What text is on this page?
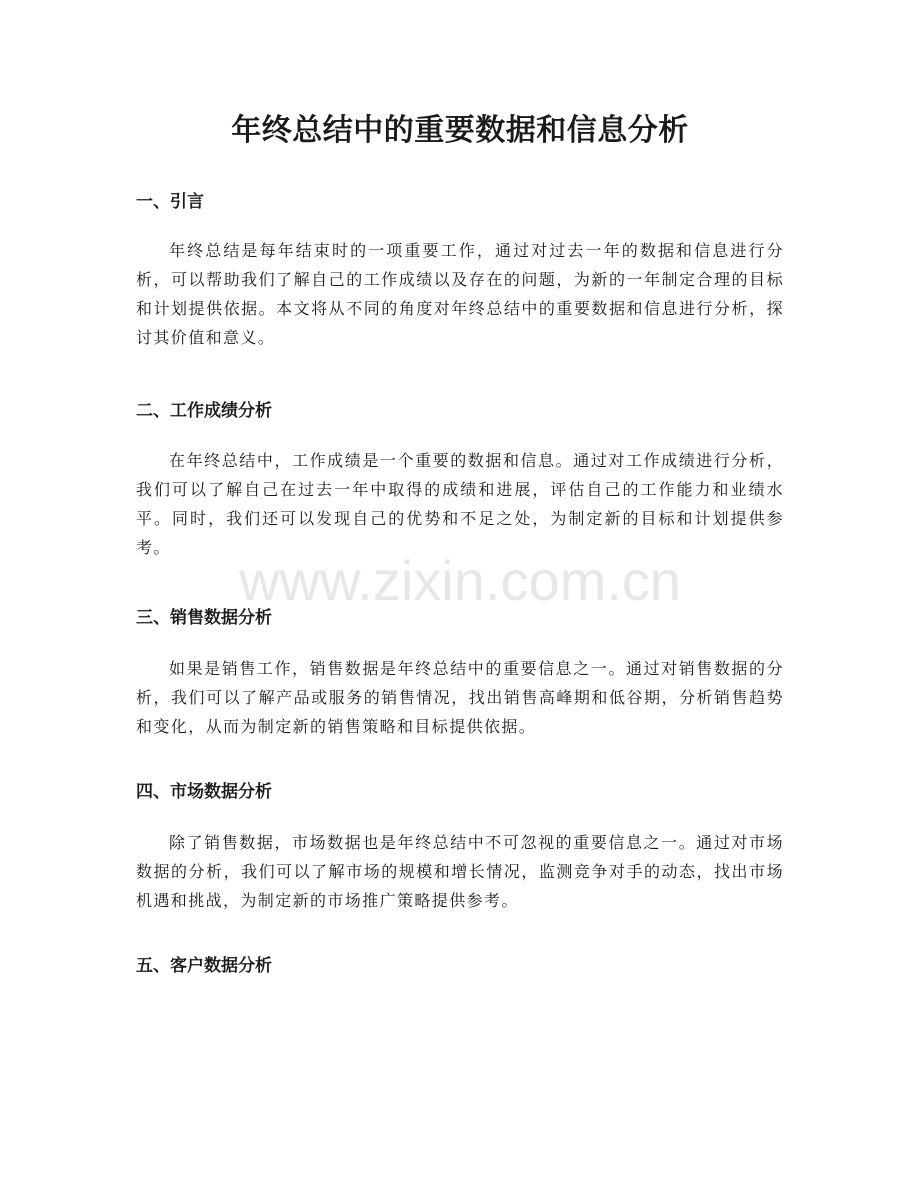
年终总结中的重要数据和信息分析
一、引言

年终总结是每年结束时的一项重要工作，通过对过去一年的数据和信息进行分析，可以帮助我们了解自己的工作成绩以及存在的问题，为新的一年制定合理的目标和计划提供依据。本文将从不同的角度对年终总结中的重要数据和信息进行分析，探讨其价值和意义。

二、工作成绩分析

在年终总结中，工作成绩是一个重要的数据和信息。通过对工作成绩进行分析，我们可以了解自己在过去一年中取得的成绩和进展，评估自己的工作能力和业绩水平。同时，我们还可以发现自己的优势和不足之处，为制定新的目标和计划提供参考。

三、销售数据分析

如果是销售工作，销售数据是年终总结中的重要信息之一。通过对销售数据的分析，我们可以了解产品或服务的销售情况，找出销售高峰期和低谷期，分析销售趋势和变化，从而为制定新的销售策略和目标提供依据。

四、市场数据分析

除了销售数据，市场数据也是年终总结中不可忽视的重要信息之一。通过对市场数据的分析，我们可以了解市场的规模和增长情况，监测竞争对手的动态，找出市场机遇和挑战，为制定新的市场推广策略提供参考。

五、客户数据分析
www.zixin.com.cn
